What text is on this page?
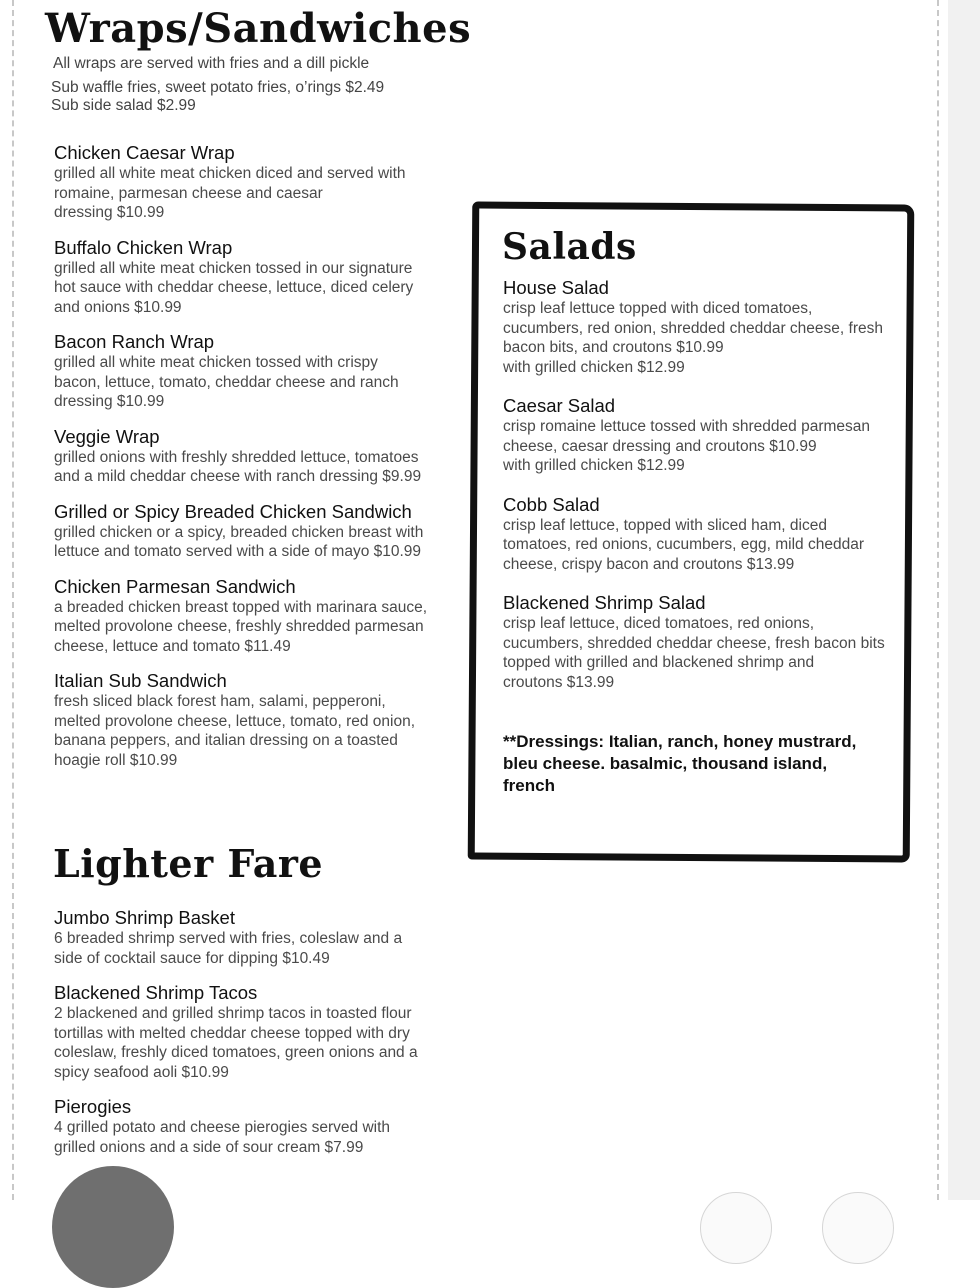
Wraps/Sandwiches

All wraps are served with fries and a dill pickle

Sub waffle fries, sweet potato fries, o’rings $2.49

Sub side salad $2.99

Chicken Caesar Wrap

grilled all white meat chicken diced and served with
romaine, parmesan cheese and caesar
dressing $10.99

Buffalo Chicken Wrap

grilled all white meat chicken tossed in our signature
hot sauce with cheddar cheese, lettuce, diced celery
and onions $10.99

Bacon Ranch Wrap

grilled all white meat chicken tossed with crispy
bacon, lettuce, tomato, cheddar cheese and ranch
dressing $10.99

Veggie Wrap

grilled onions with freshly shredded lettuce, tomatoes
and a mild cheddar cheese with ranch dressing $9.99

Grilled or Spicy Breaded Chicken Sandwich

grilled chicken or a spicy, breaded chicken breast with
lettuce and tomato served with a side of mayo $10.99

Chicken Parmesan Sandwich

a breaded chicken breast topped with marinara sauce,
melted provolone cheese, freshly shredded parmesan
cheese, lettuce and tomato $11.49

Italian Sub Sandwich

fresh sliced black forest ham, salami, pepperoni,
melted provolone cheese, lettuce, tomato, red onion,
banana peppers, and italian dressing on a toasted
hoagie roll $10.99

Lighter Fare

Jumbo Shrimp Basket

6 breaded shrimp served with fries, coleslaw and a
side of cocktail sauce for dipping $10.49

Blackened Shrimp Tacos

2 blackened and grilled shrimp tacos in toasted flour
tortillas with melted cheddar cheese topped with dry
coleslaw, freshly diced tomatoes, green onions and a
spicy seafood aoli $10.99

Pierogies

4 grilled potato and cheese pierogies served with
grilled onions and a side of sour cream $7.99

Salads

House Salad

crisp leaf lettuce topped with diced tomatoes,
cucumbers, red onion, shredded cheddar cheese, fresh
bacon bits, and croutons $10.99
with grilled chicken $12.99

Caesar Salad

crisp romaine lettuce tossed with shredded parmesan
cheese, caesar dressing and croutons $10.99
with grilled chicken $12.99

Cobb Salad

crisp leaf lettuce, topped with sliced ham, diced
tomatoes, red onions, cucumbers, egg, mild cheddar
cheese, crispy bacon and croutons $13.99

Blackened Shrimp Salad

crisp leaf lettuce, diced tomatoes, red onions,
cucumbers, shredded cheddar cheese, fresh bacon bits
topped with grilled and blackened shrimp and
croutons $13.99

**Dressings: Italian, ranch, honey mustrard,
bleu cheese. basalmic, thousand island,
french
